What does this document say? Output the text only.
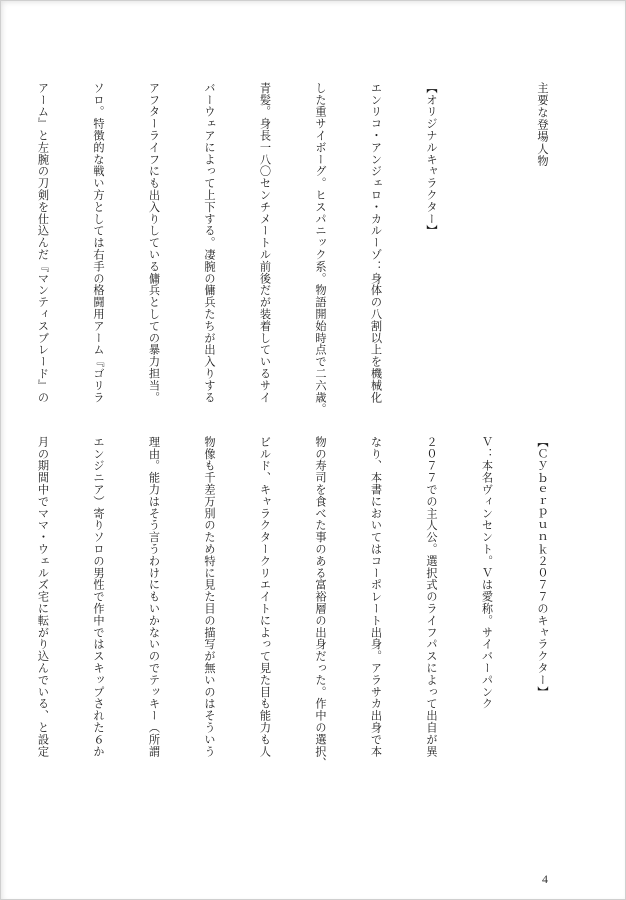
主要な登場人物

【オリジナルキャラクター】

エンリコ・アンジェロ・カルーゾ：身体の八割以上を機械化

した重サイボーグ。ヒスパニック系。物語開始時点で二六歳。

青髪。身長一八〇センチメートル前後だが装着しているサイ

バーウェアによって上下する。凄腕の傭兵たちが出入りする

アフターライフにも出入りしている傭兵としての暴力担当。

ソロ。特徴的な戦い方としては右手の格闘用アーム『ゴリラ

アーム』と左腕の刀剣を仕込んだ『マンティスブレード』の

【Ｃｙｂｅｒｐｕｎｋ２０７７のキャラクター】

Ｖ：本名ヴィンセント。Ｖは愛称。サイバーパンク

２０７７での主人公。選択式のライフパスによって出自が異

なり、本書においてはコーポレート出身。アラサカ出身で本

物の寿司を食べた事のある富裕層の出身だった。作中の選択、

ビルド、キャラクタークリエイトによって見た目も能力も人

物像も千差万別のため特に見た目の描写が無いのはそういう

理由。能力はそう言うわけにもいかないのでテッキー（所謂

エンジニア）寄りソロの男性で作中ではスキップされた６か

月の期間中でママ・ウェルズ宅に転がり込んでいる、と設定

4
